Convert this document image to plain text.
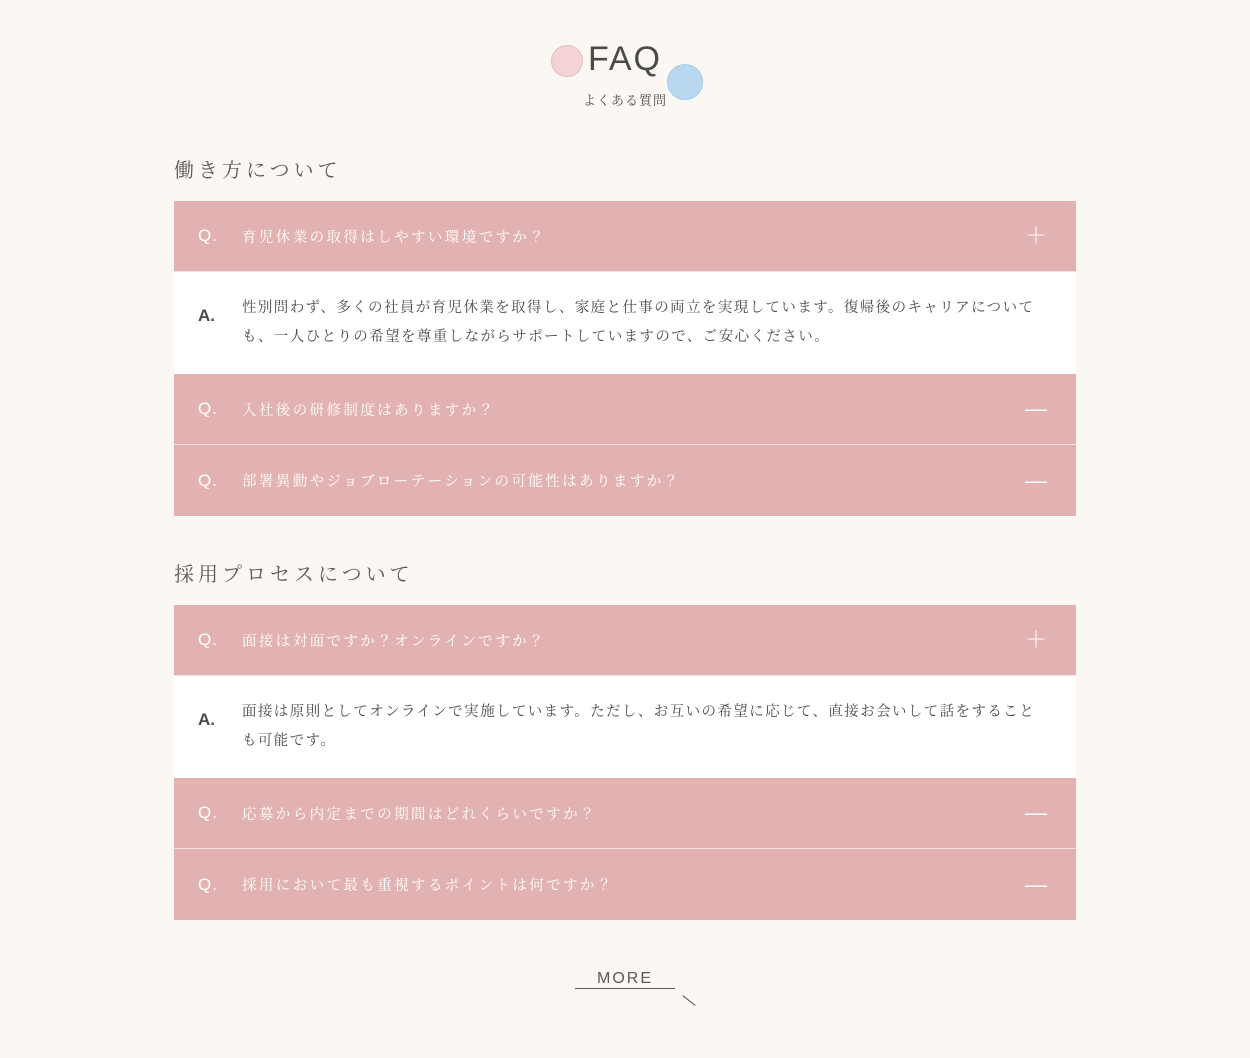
FAQ
よくある質問
働き方について
Q.	育児休業の取得はしやすい環境ですか？	＋
A.	性別問わず、多くの社員が育児休業を取得し、家庭と仕事の両立を実現しています。復帰後のキャリアについても、一人ひとりの希望を尊重しながらサポートしていますので、ご安心ください。
Q.	入社後の研修制度はありますか？	—
Q.	部署異動やジョブローテーションの可能性はありますか？	—
採用プロセスについて
Q.	面接は対面ですか？オンラインですか？	＋
A.	面接は原則としてオンラインで実施しています。ただし、お互いの希望に応じて、直接お会いして話をすることも可能です。
Q.	応募から内定までの期間はどれくらいですか？	—
Q.	採用において最も重視するポイントは何ですか？	—
MORE
